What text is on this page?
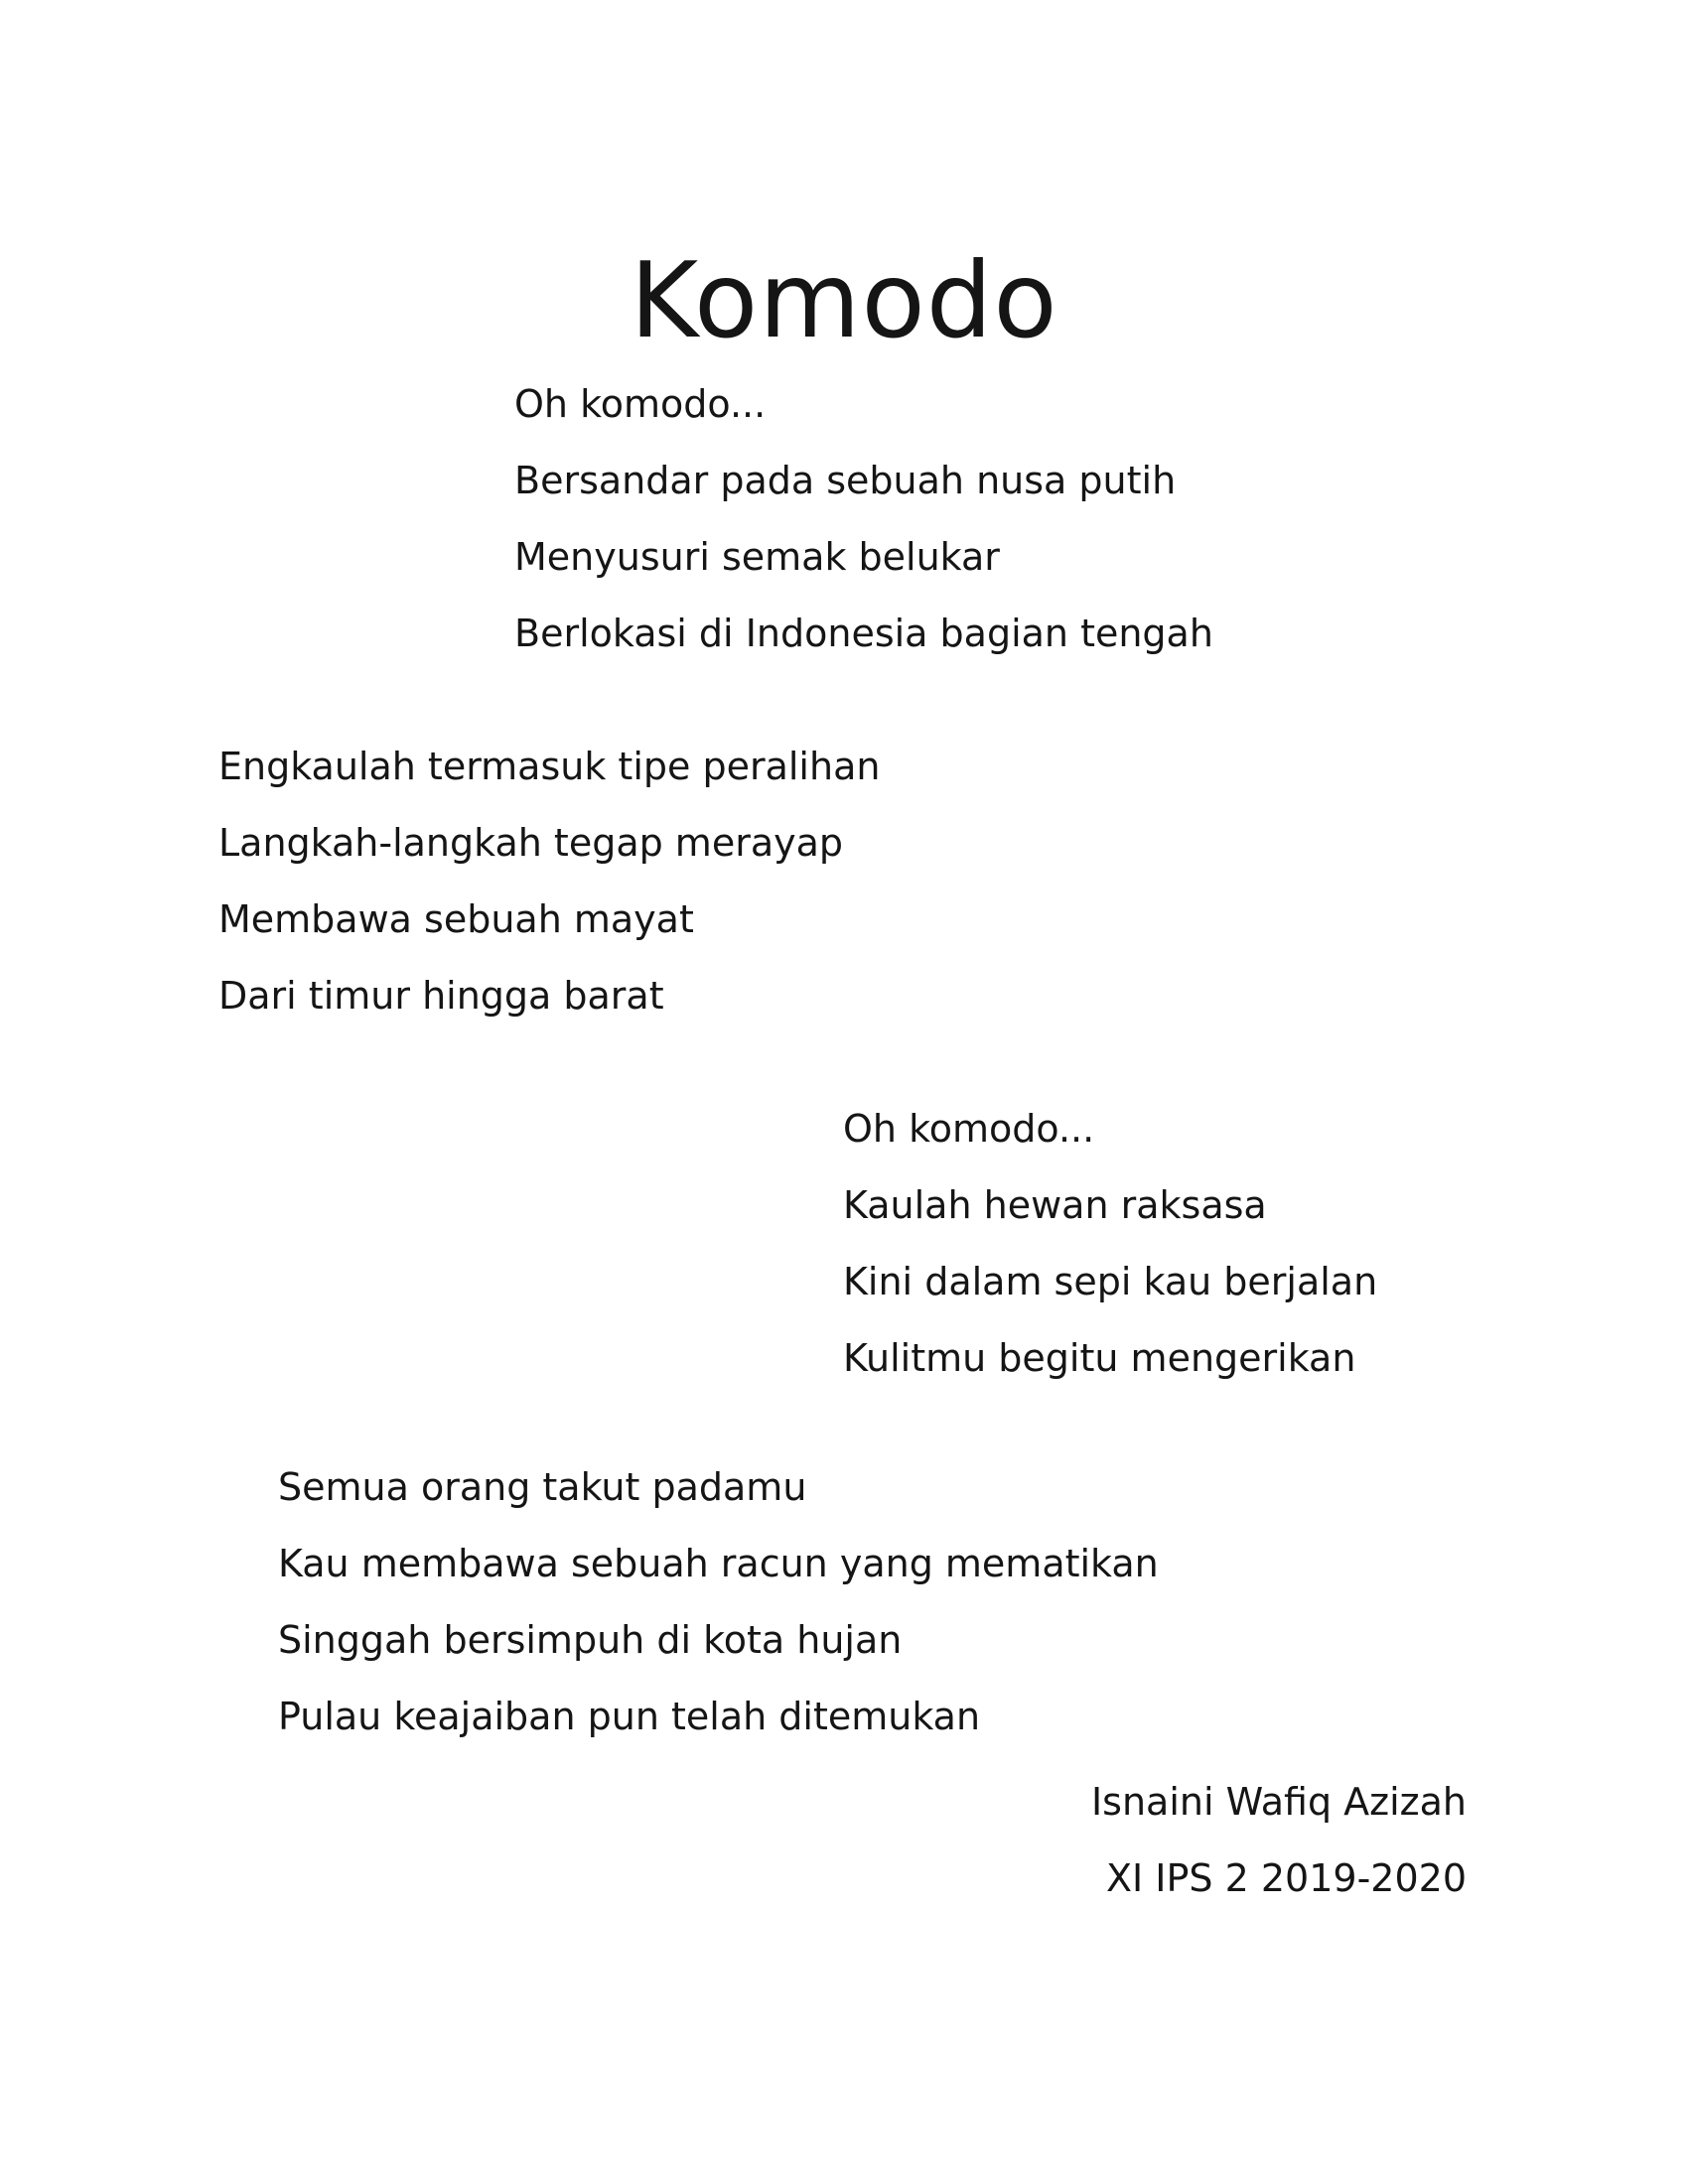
Komodo
Oh komodo...
Bersandar pada sebuah nusa putih
Menyusuri semak belukar
Berlokasi di Indonesia bagian tengah
Engkaulah termasuk tipe peralihan
Langkah-langkah tegap merayap
Membawa sebuah mayat
Dari timur hingga barat
Oh komodo...
Kaulah hewan raksasa
Kini dalam sepi kau berjalan
Kulitmu begitu mengerikan
Semua orang takut padamu
Kau membawa sebuah racun yang mematikan
Singgah bersimpuh di kota hujan
Pulau keajaiban pun telah ditemukan
Isnaini Wafiq Azizah
XI IPS 2 2019-2020
